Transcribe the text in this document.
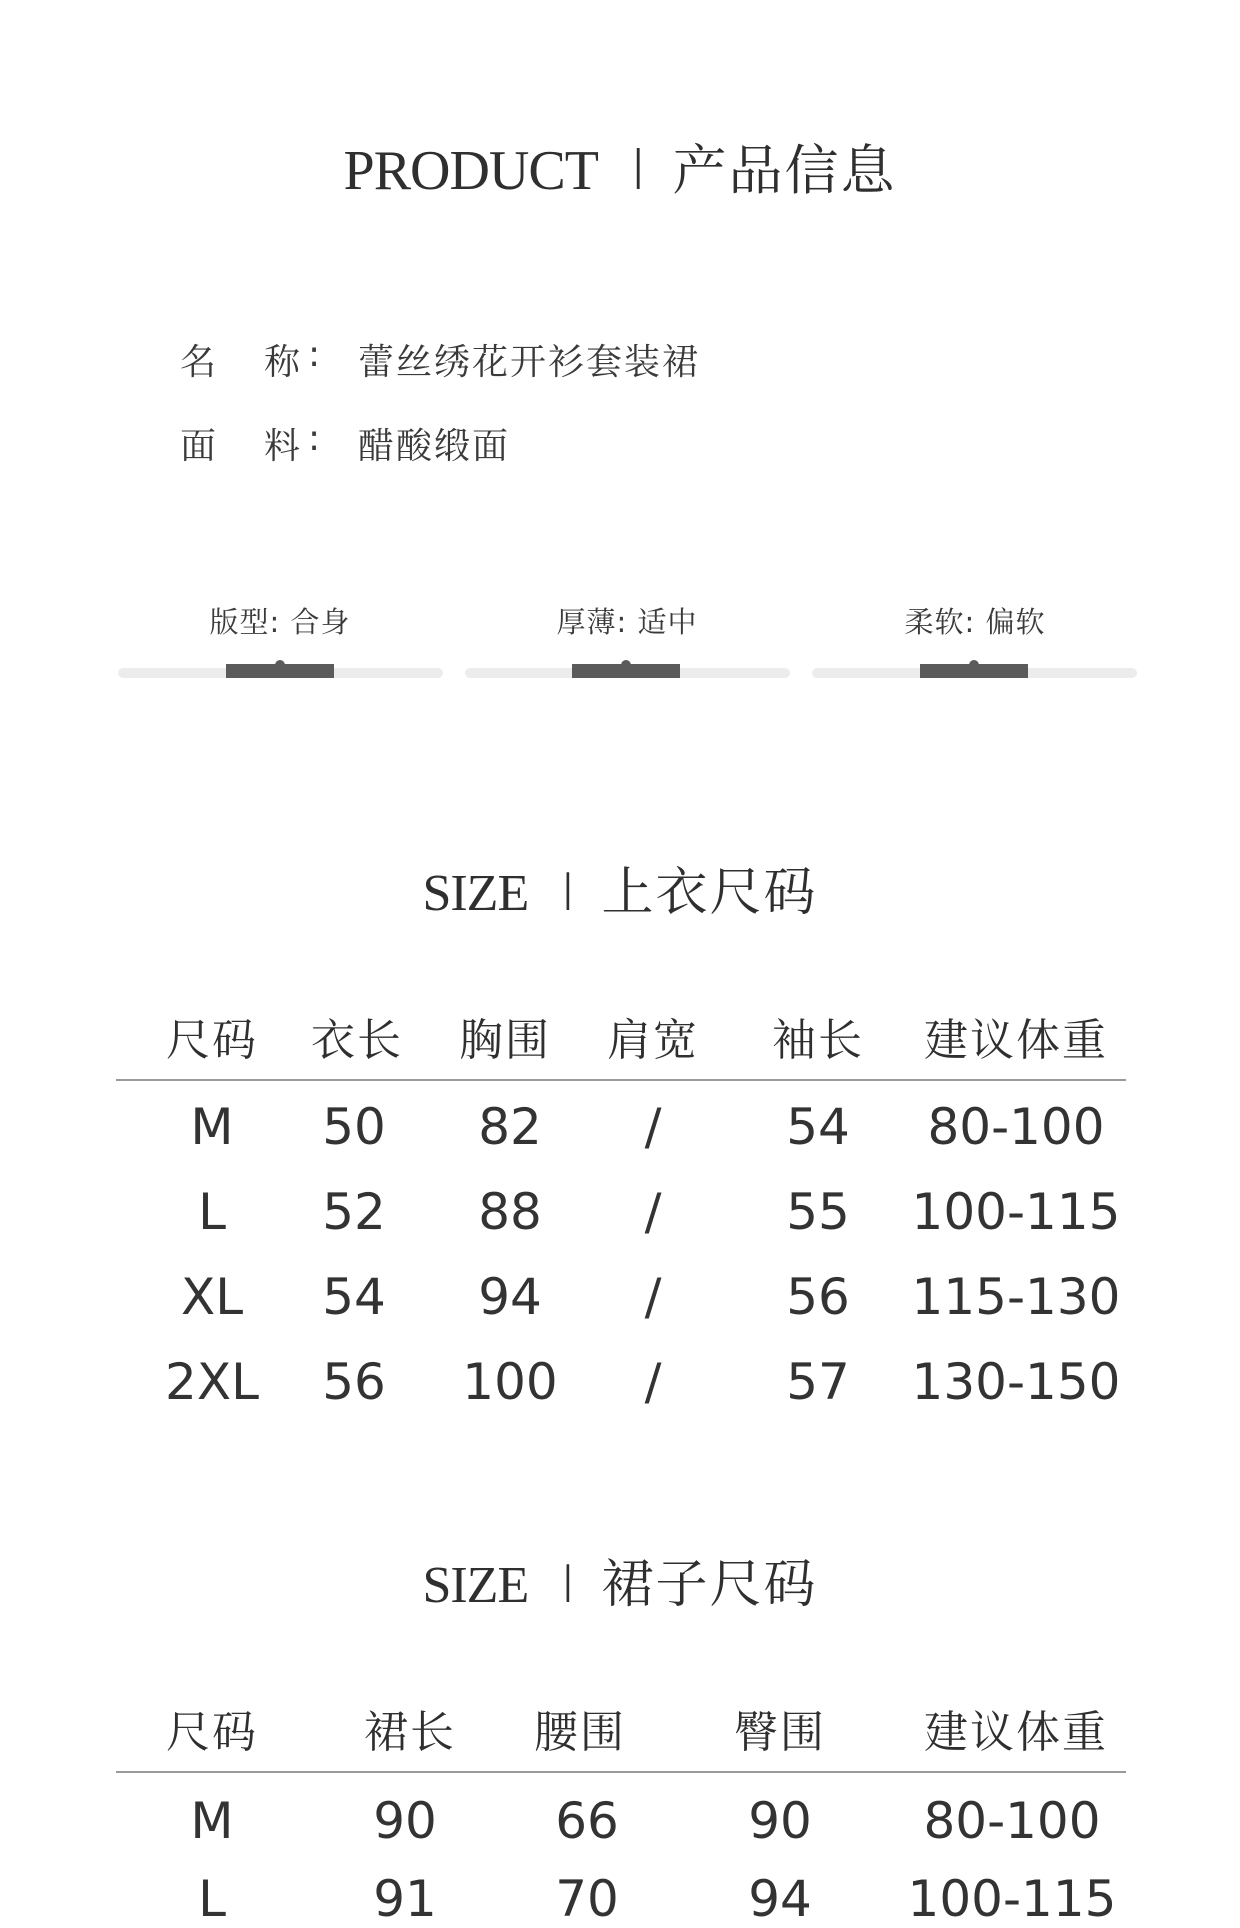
PRODUCT I 产品信息
名 称 : 蕾丝绣花开衫套装裙
面 料 : 醋酸缎面
版型: 合身	厚薄: 适中	柔软: 偏软
SIZE I 上衣尺码
尺码 衣长 胸围 肩宽 袖长 建议体重
M 50 82 / 54 80-100
L 52 88 / 55 100-115
XL 54 94 / 56 115-130
2XL 56 100 / 57 130-150
SIZE I 裙子尺码
尺码 裙长 腰围 臀围 建议体重
M	90 66	90 80-100
L	91 70	94 100-115
